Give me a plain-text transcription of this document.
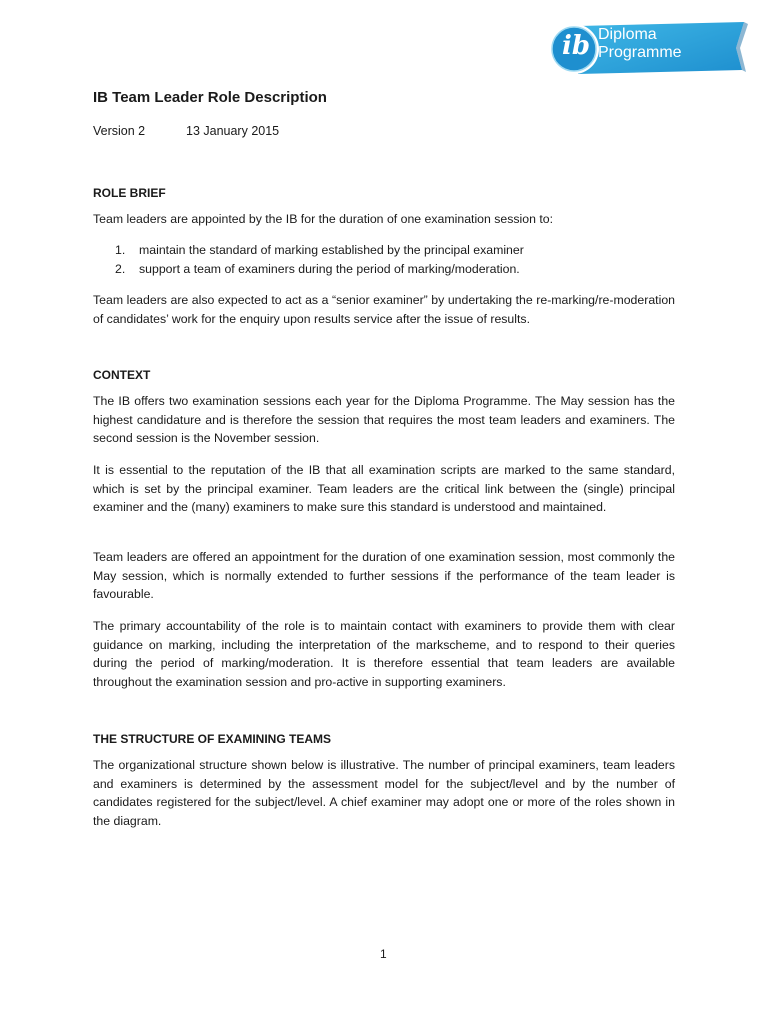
ib Diploma
Programme
IB Team Leader Role Description
Version 2	13 January 2015
ROLE BRIEF
Team leaders are appointed by the IB for the duration of one examination session to:
1. maintain the standard of marking established by the principal examiner
2. support a team of examiners during the period of marking/moderation.
Team leaders are also expected to act as a “senior examiner” by undertaking the re-marking/re-moderation of candidates’ work for the enquiry upon results service after the issue of results.
CONTEXT
The IB offers two examination sessions each year for the Diploma Programme. The May session has the highest candidature and is therefore the session that requires the most team leaders and examiners. The second session is the November session.
It is essential to the reputation of the IB that all examination scripts are marked to the same standard, which is set by the principal examiner. Team leaders are the critical link between the (single) principal examiner and the (many) examiners to make sure this standard is understood and maintained.
Team leaders are offered an appointment for the duration of one examination session, most commonly the May session, which is normally extended to further sessions if the performance of the team leader is favourable.
The primary accountability of the role is to maintain contact with examiners to provide them with clear guidance on marking, including the interpretation of the markscheme, and to respond to their queries during the period of marking/moderation. It is therefore essential that team leaders are available throughout the examination session and pro-active in supporting examiners.
THE STRUCTURE OF EXAMINING TEAMS
The organizational structure shown below is illustrative. The number of principal examiners, team leaders and examiners is determined by the assessment model for the subject/level and by the number of candidates registered for the subject/level. A chief examiner may adopt one or more of the roles shown in the diagram.
1
